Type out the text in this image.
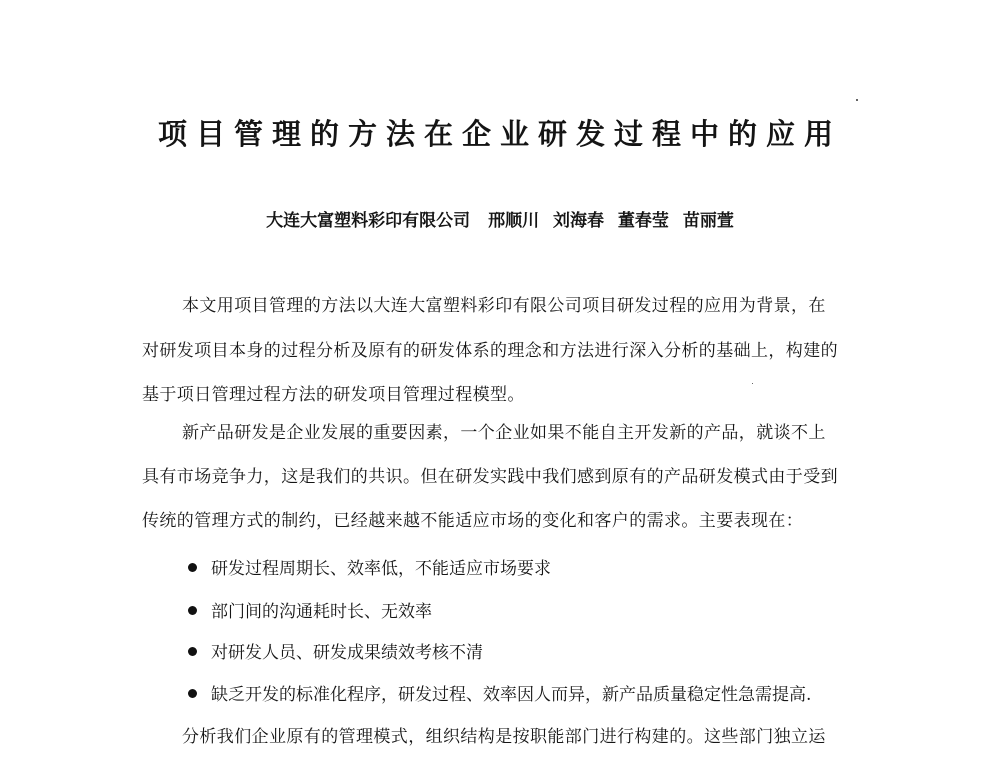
项目管理的方法在企业研发过程中的应用
大连大富塑料彩印有限公司 邢顺川 刘海春 董春莹 苗丽萱
本文用项目管理的方法以大连大富塑料彩印有限公司项目研发过程的应用为背景，在
对研发项目本身的过程分析及原有的研发体系的理念和方法进行深入分析的基础上，构建的
基于项日管理过程方法的研发项目管理过程模型。
新产品研发是企业发展的重要因素，一个企业如果不能自主开发新的产品，就谈不上
具有市场竞争力，这是我们的共识。但在研发实践中我们感到原有的产品研发模式由于受到
传统的管理方式的制约，已经越来越不能适应市场的变化和客户的需求。主要表现在：
研发过程周期长、效率低，不能适应市场要求
部门间的沟通耗时长、无效率
对研发人员、研发成果绩效考核不清
缺乏开发的标准化程序，研发过程、效率因人而异，新产品质量稳定性急需提高.
分析我们企业原有的管理模式，组织结构是按职能部门进行构建的。这些部门独立运
